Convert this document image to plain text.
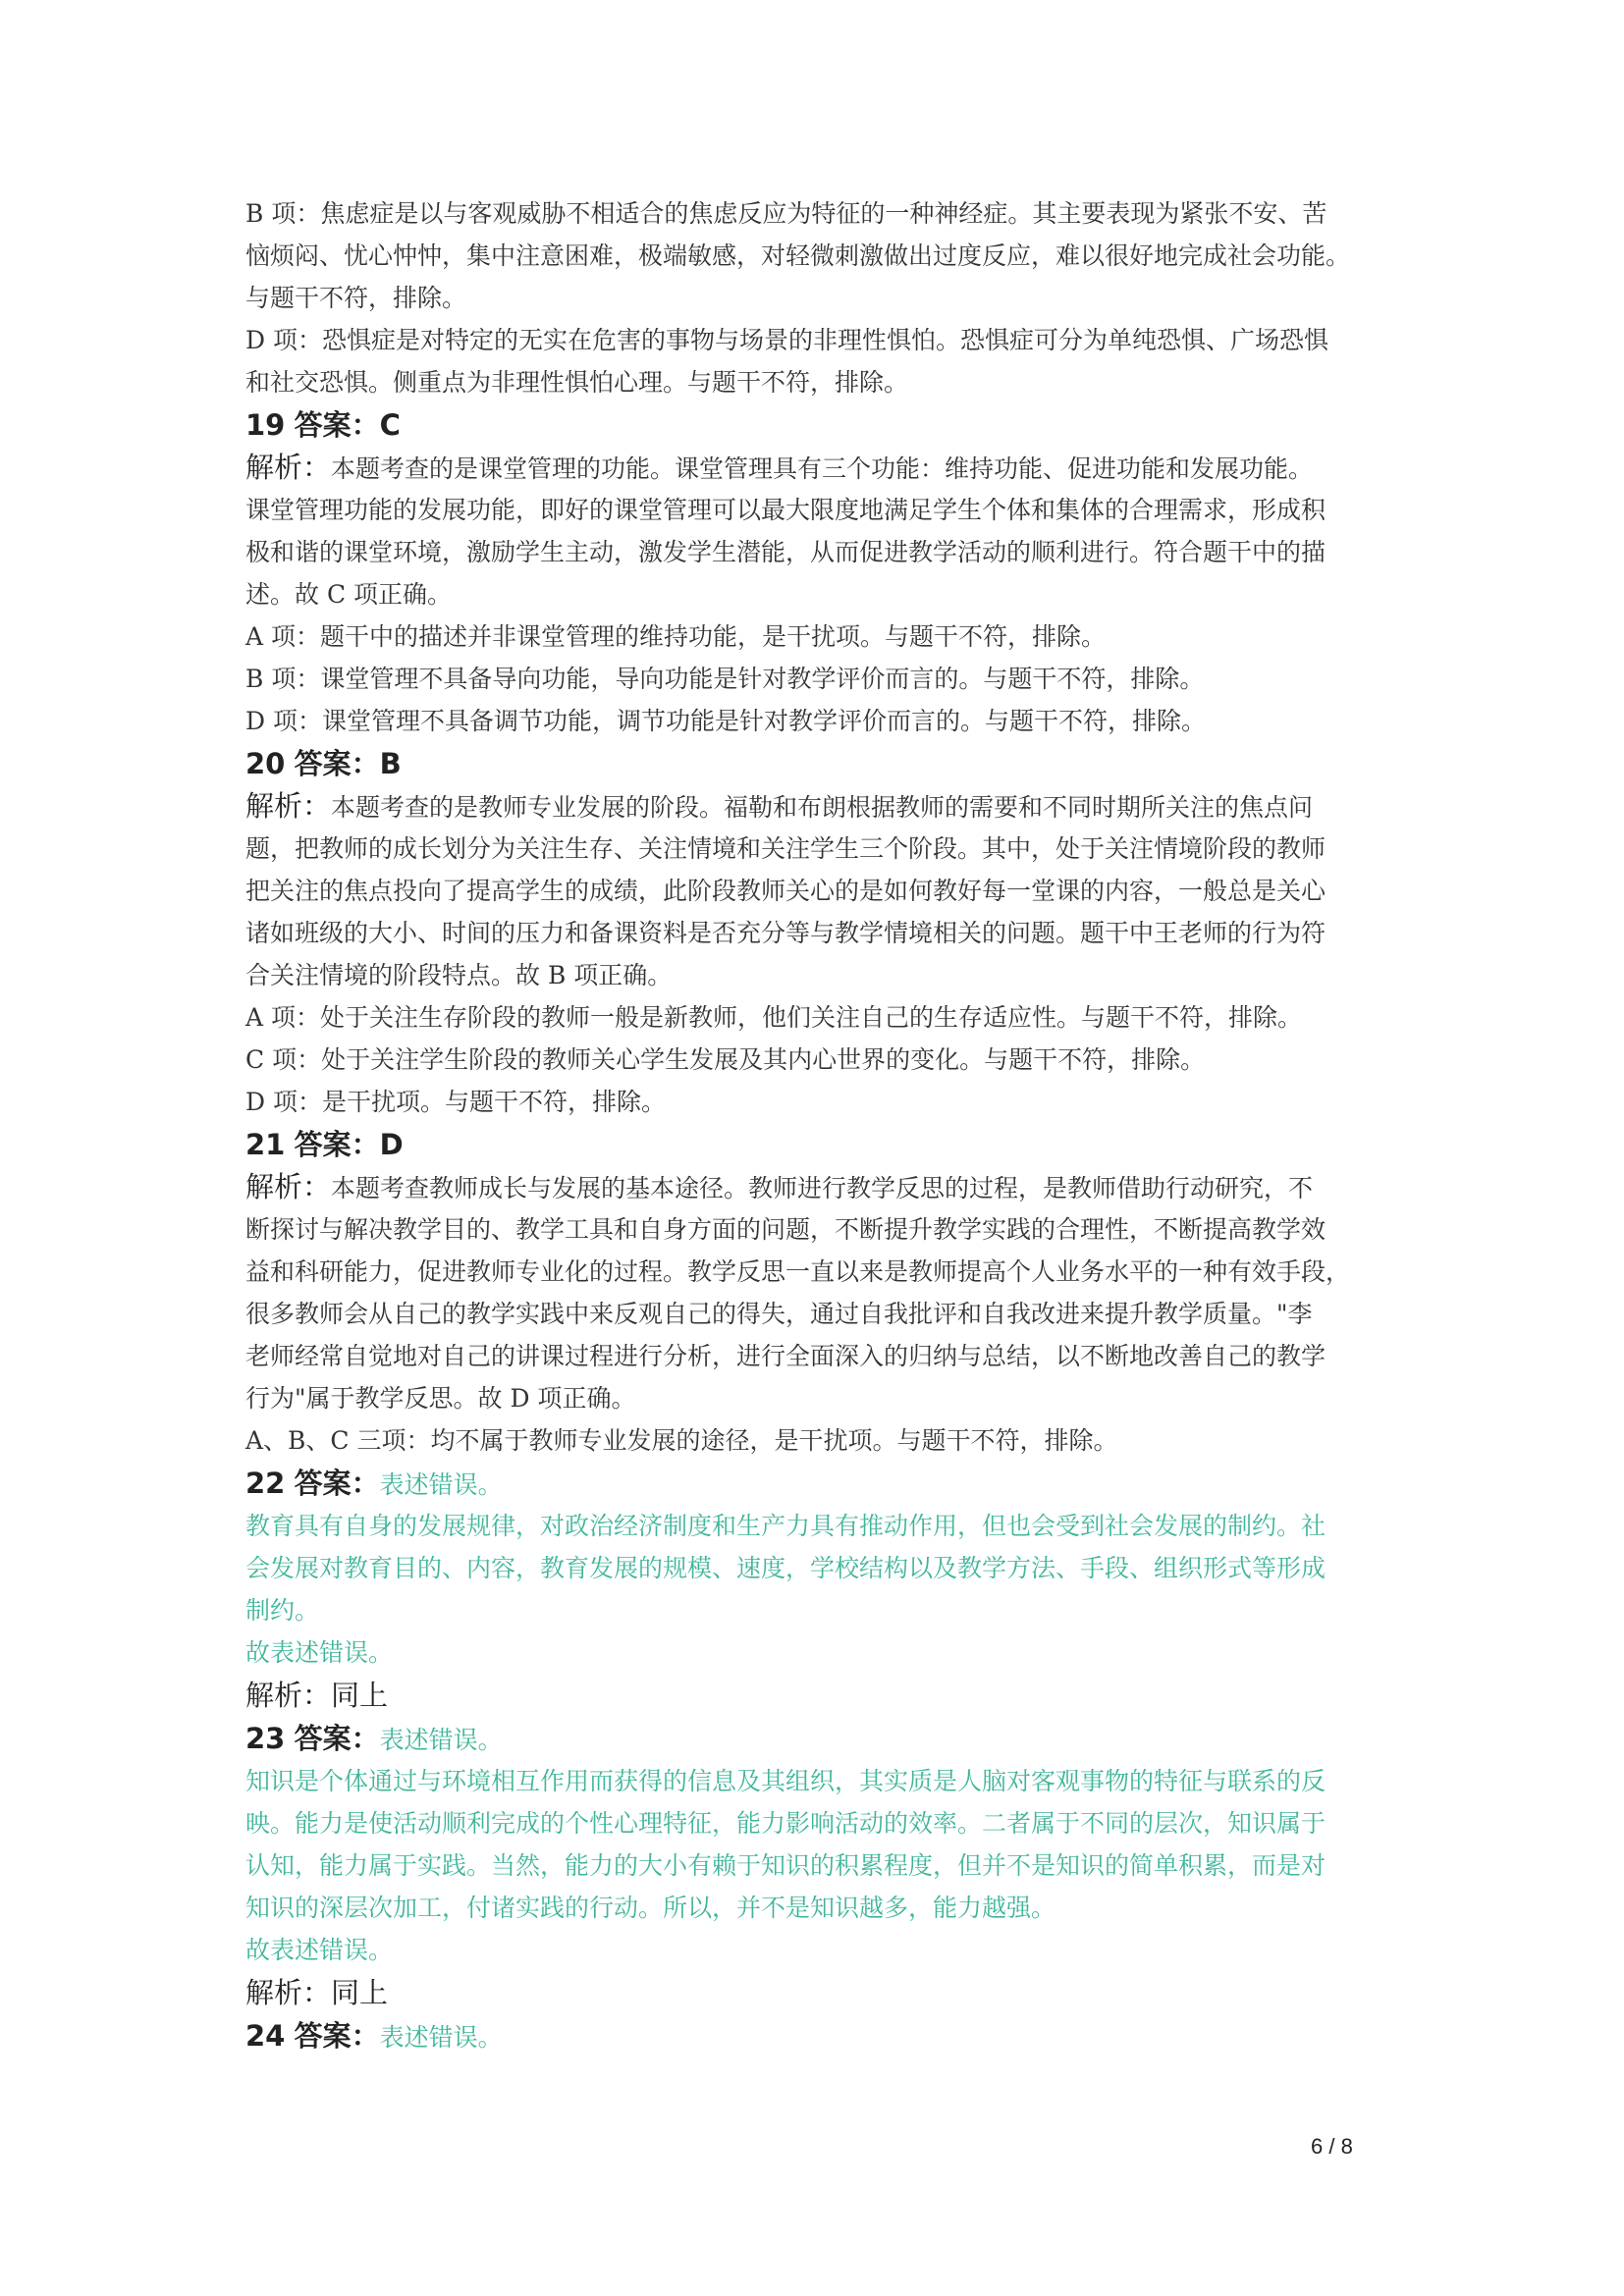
B 项：焦虑症是以与客观威胁不相适合的焦虑反应为特征的一种神经症。其主要表现为紧张不安、苦
恼烦闷、忧心忡忡，集中注意困难，极端敏感，对轻微刺激做出过度反应，难以很好地完成社会功能。
与题干不符，排除。
D 项：恐惧症是对特定的无实在危害的事物与场景的非理性惧怕。恐惧症可分为单纯恐惧、广场恐惧
和社交恐惧。侧重点为非理性惧怕心理。与题干不符，排除。
19 答案：C
解析：本题考查的是课堂管理的功能。课堂管理具有三个功能：维持功能、促进功能和发展功能。
课堂管理功能的发展功能，即好的课堂管理可以最大限度地满足学生个体和集体的合理需求，形成积
极和谐的课堂环境，激励学生主动，激发学生潜能，从而促进教学活动的顺利进行。符合题干中的描
述。故 C 项正确。
A 项：题干中的描述并非课堂管理的维持功能，是干扰项。与题干不符，排除。
B 项：课堂管理不具备导向功能，导向功能是针对教学评价而言的。与题干不符，排除。
D 项：课堂管理不具备调节功能，调节功能是针对教学评价而言的。与题干不符，排除。
20 答案：B
解析：本题考查的是教师专业发展的阶段。福勒和布朗根据教师的需要和不同时期所关注的焦点问
题，把教师的成长划分为关注生存、关注情境和关注学生三个阶段。其中，处于关注情境阶段的教师
把关注的焦点投向了提高学生的成绩，此阶段教师关心的是如何教好每一堂课的内容，一般总是关心
诸如班级的大小、时间的压力和备课资料是否充分等与教学情境相关的问题。题干中王老师的行为符
合关注情境的阶段特点。故 B 项正确。
A 项：处于关注生存阶段的教师一般是新教师，他们关注自己的生存适应性。与题干不符，排除。
C 项：处于关注学生阶段的教师关心学生发展及其内心世界的变化。与题干不符，排除。
D 项：是干扰项。与题干不符，排除。
21 答案：D
解析：本题考查教师成长与发展的基本途径。教师进行教学反思的过程，是教师借助行动研究，不
断探讨与解决教学目的、教学工具和自身方面的问题，不断提升教学实践的合理性，不断提高教学效
益和科研能力，促进教师专业化的过程。教学反思一直以来是教师提高个人业务水平的一种有效手段，
很多教师会从自己的教学实践中来反观自己的得失，通过自我批评和自我改进来提升教学质量。"李
老师经常自觉地对自己的讲课过程进行分析，进行全面深入的归纳与总结，以不断地改善自己的教学
行为"属于教学反思。故 D 项正确。
A、B、C 三项：均不属于教师专业发展的途径，是干扰项。与题干不符，排除。
22 答案：表述错误。
教育具有自身的发展规律，对政治经济制度和生产力具有推动作用，但也会受到社会发展的制约。社
会发展对教育目的、内容，教育发展的规模、速度，学校结构以及教学方法、手段、组织形式等形成
制约。
故表述错误。
解析：同上
23 答案：表述错误。
知识是个体通过与环境相互作用而获得的信息及其组织，其实质是人脑对客观事物的特征与联系的反
映。能力是使活动顺利完成的个性心理特征，能力影响活动的效率。二者属于不同的层次，知识属于
认知，能力属于实践。当然，能力的大小有赖于知识的积累程度，但并不是知识的简单积累，而是对
知识的深层次加工，付诸实践的行动。所以，并不是知识越多，能力越强。
故表述错误。
解析：同上
24 答案：表述错误。
6 / 8
